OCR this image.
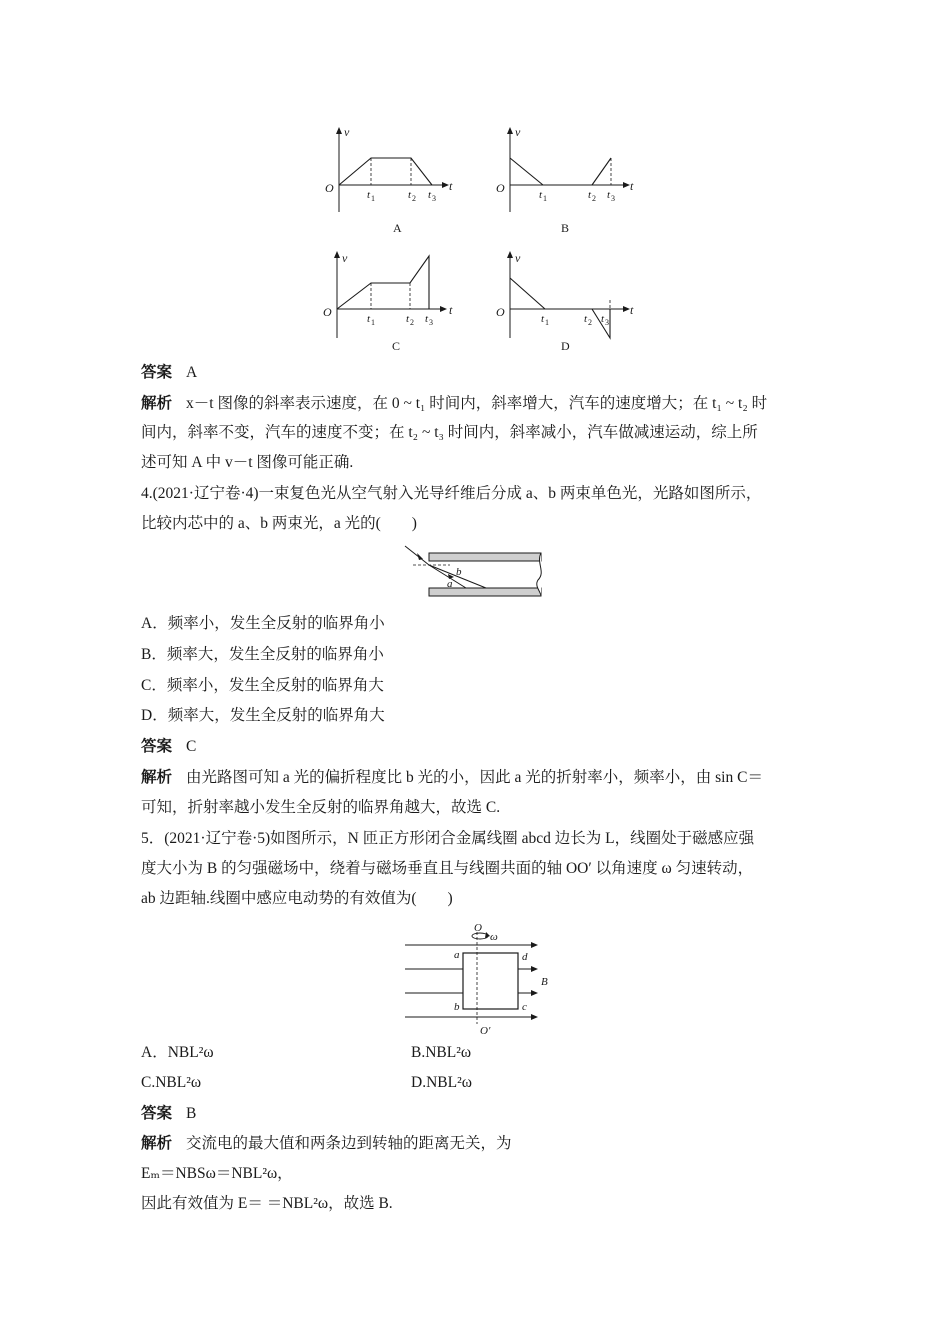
v
t
O	t 1	t 2 t 3
A
v
t
O	t 1	t 2 t 3
B
v
t
O	t 1	t 2 t 3
C
v
t
O	t 1	t 2 t 3
D
答案 A
解析 x－t 图像的斜率表示速度，在 0 ~ t₁ 时间内，斜率增大，汽车的速度增大；在 t₁ ~ t₂ 时
间内，斜率不变，汽车的速度不变；在 t₂ ~ t₃ 时间内，斜率减小，汽车做减速运动，综上所
述可知 A 中 v－t 图像可能正确.
4.(2021·辽宁卷·4)一束复色光从空气射入光导纤维后分成 a、b 两束单色光，光路如图所示，
比较内芯中的 a、b 两束光，a 光的(　　)
a
b
A．频率小，发生全反射的临界角小
B．频率大，发生全反射的临界角小
C．频率小，发生全反射的临界角大
D．频率大，发生全反射的临界角大
答案 C
解析 由光路图可知 a 光的偏折程度比 b 光的小，因此 a 光的折射率小，频率小，由 sin C＝
可知，折射率越小发生全反射的临界角越大，故选 C.
5．(2021·辽宁卷·5)如图所示，N 匝正方形闭合金属线圈 abcd 边长为 L，线圈处于磁感应强
度大小为 B 的匀强磁场中，绕着与磁场垂直且与线圈共面的轴 OO′ 以角速度 ω 匀速转动，
ab 边距轴.线圈中感应电动势的有效值为(　　)
O
ω
O′
B
a	d
b	c
A．NBL²ω	B.NBL²ω
C.NBL²ω	D.NBL²ω
答案 B
解析 交流电的最大值和两条边到转轴的距离无关，为
Eₘ＝NBSω＝NBL²ω，
因此有效值为 E＝ ＝NBL²ω，故选 B.
